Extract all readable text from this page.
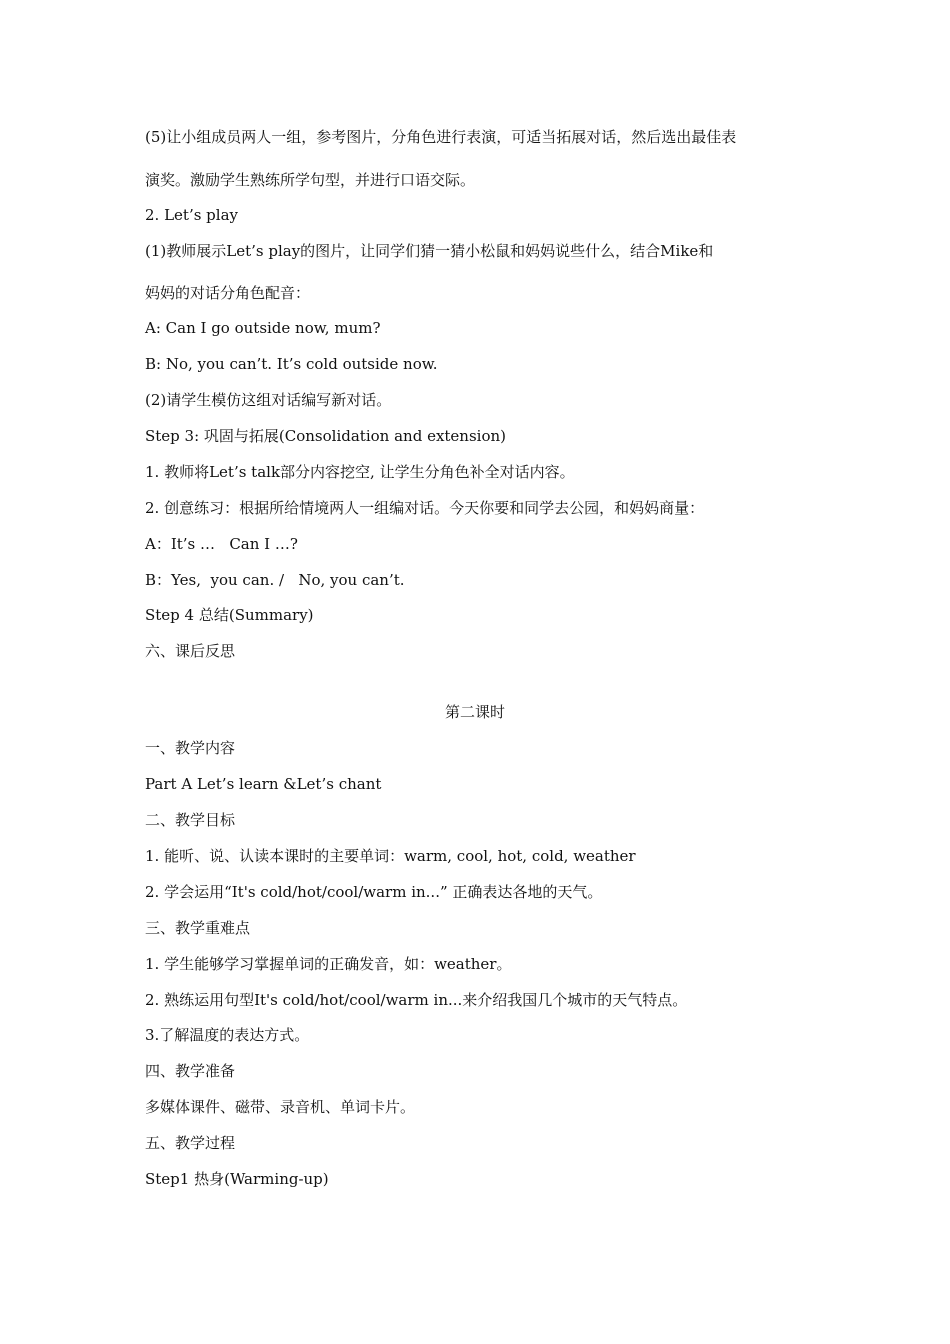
(5)让小组成员两人一组，参考图片，分角色进行表演，可适当拓展对话，然后选出最佳表
演奖。激励学生熟练所学句型，并进行口语交际。
2. Let’s play
(1)教师展示Let’s play的图片，让同学们猜一猜小松鼠和妈妈说些什么，结合Mike和
妈妈的对话分角色配音：
A: Can I go outside now, mum?
B: No, you can’t. It’s cold outside now.
(2)请学生模仿这组对话编写新对话。
Step 3: 巩固与拓展(Consolidation and extension)
1. 教师将Let’s talk部分内容挖空, 让学生分角色补全对话内容。
2. 创意练习：根据所给情境两人一组编对话。今天你要和同学去公园，和妈妈商量：
A：It’s …   Can I …?
B：Yes,  you can. /   No, you can’t.
Step 4 总结(Summary)
六、课后反思
第二课时
一、教学内容
Part A Let’s learn &Let’s chant
二、教学目标
1. 能听、说、认读本课时的主要单词：warm, cool, hot, cold, weather
2. 学会运用“It's cold/hot/cool/warm in...” 正确表达各地的天气。
三、教学重难点
1. 学生能够学习掌握单词的正确发音，如：weather。
2. 熟练运用句型It's cold/hot/cool/warm in...来介绍我国几个城市的天气特点。
3.了解温度的表达方式。
四、教学准备
多媒体课件、磁带、录音机、单词卡片。
五、教学过程
Step1 热身(Warming-up)
